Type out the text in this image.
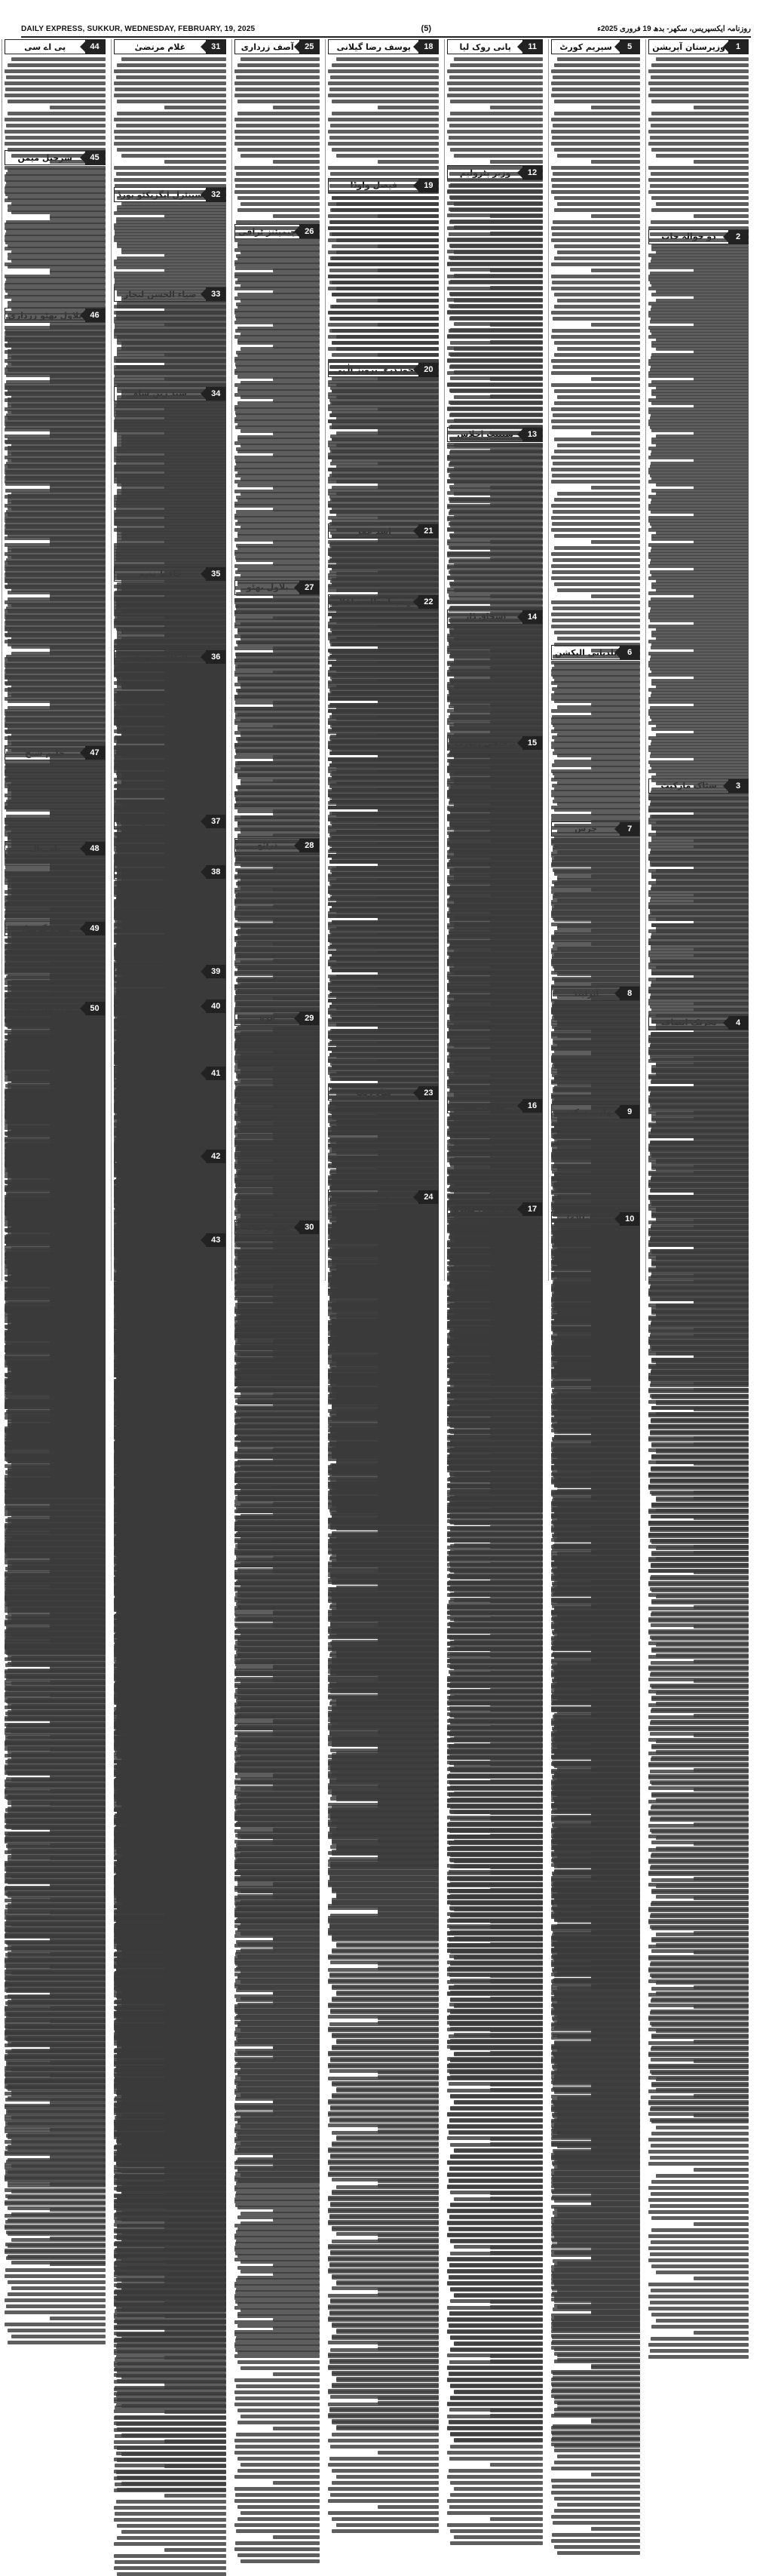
DAILY EXPRESS, SUKKUR, WEDNESDAY, FEBRUARY, 19, 2025	(5)	روزنامہ ایکسپریس، سکھر- بدھ 19 فروری 2025ء
1
وزیرستان آپریشن
2
دو حوالہ جات
3
سٹاک مارکیٹ
4
5
سپریم کورٹ
6
بلدیاتی الیکشن
7
8
9
10
11
پانی روک لیا
12
13
14
15
16
17
18
یوسف رضا گیلانی
19
20
چوہدری پرویز الٰہی
21
22
23
24
25
آصف زرداری
26
27
28
29
30
31
غلام مرتضیٰ
32
سینٹرل ایگزیکٹو بورڈ
33
34
35
36
37
38
39
40
41
42
43
44
پی اے سی
45
شرجیل میمن
46
47
48
49
50
